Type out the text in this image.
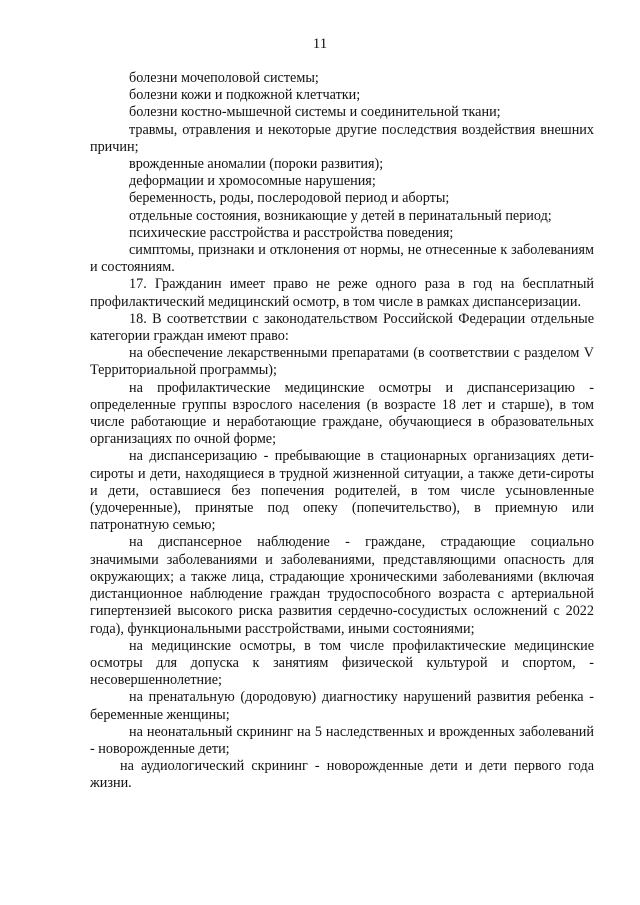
11

болезни мочеполовой системы;

болезни кожи и подкожной клетчатки;

болезни костно-мышечной системы и соединительной ткани;

травмы, отравления и некоторые другие последствия воздействия внешних причин;

врожденные аномалии (пороки развития);

деформации и хромосомные нарушения;

беременность, роды, послеродовой период и аборты;

отдельные состояния, возникающие у детей в перинатальный период;

психические расстройства и расстройства поведения;

симптомы, признаки и отклонения от нормы, не отнесенные к заболеваниям и состояниям.

17. Гражданин имеет право не реже одного раза в год на бесплатный профилактический медицинский осмотр, в том числе в рамках диспансеризации.

18. В соответствии с законодательством Российской Федерации отдельные категории граждан имеют право:

на обеспечение лекарственными препаратами (в соответствии с разделом V Территориальной программы);

на профилактические медицинские осмотры и диспансеризацию - определенные группы взрослого населения (в возрасте 18 лет и старше), в том числе работающие и неработающие граждане, обучающиеся в образовательных организациях по очной форме;

на диспансеризацию - пребывающие в стационарных организациях дети-сироты и дети, находящиеся в трудной жизненной ситуации, а также дети-сироты и дети, оставшиеся без попечения родителей, в том числе усыновленные (удочеренные), принятые под опеку (попечительство), в приемную или патронатную семью;

на диспансерное наблюдение - граждане, страдающие социально значимыми заболеваниями и заболеваниями, представляющими опасность для окружающих; а также лица, страдающие хроническими заболеваниями (включая дистанционное наблюдение граждан трудоспособного возраста с артериальной гипертензией высокого риска развития сердечно-сосудистых осложнений с 2022 года), функциональными расстройствами, иными состояниями;

на медицинские осмотры, в том числе профилактические медицинские осмотры для допуска к занятиям физической культурой и спортом, - несовершеннолетние;

на пренатальную (дородовую) диагностику нарушений развития ребенка - беременные женщины;

на неонатальный скрининг на 5 наследственных и врожденных заболеваний - новорожденные дети;

на аудиологический скрининг - новорожденные дети и дети первого года жизни.
